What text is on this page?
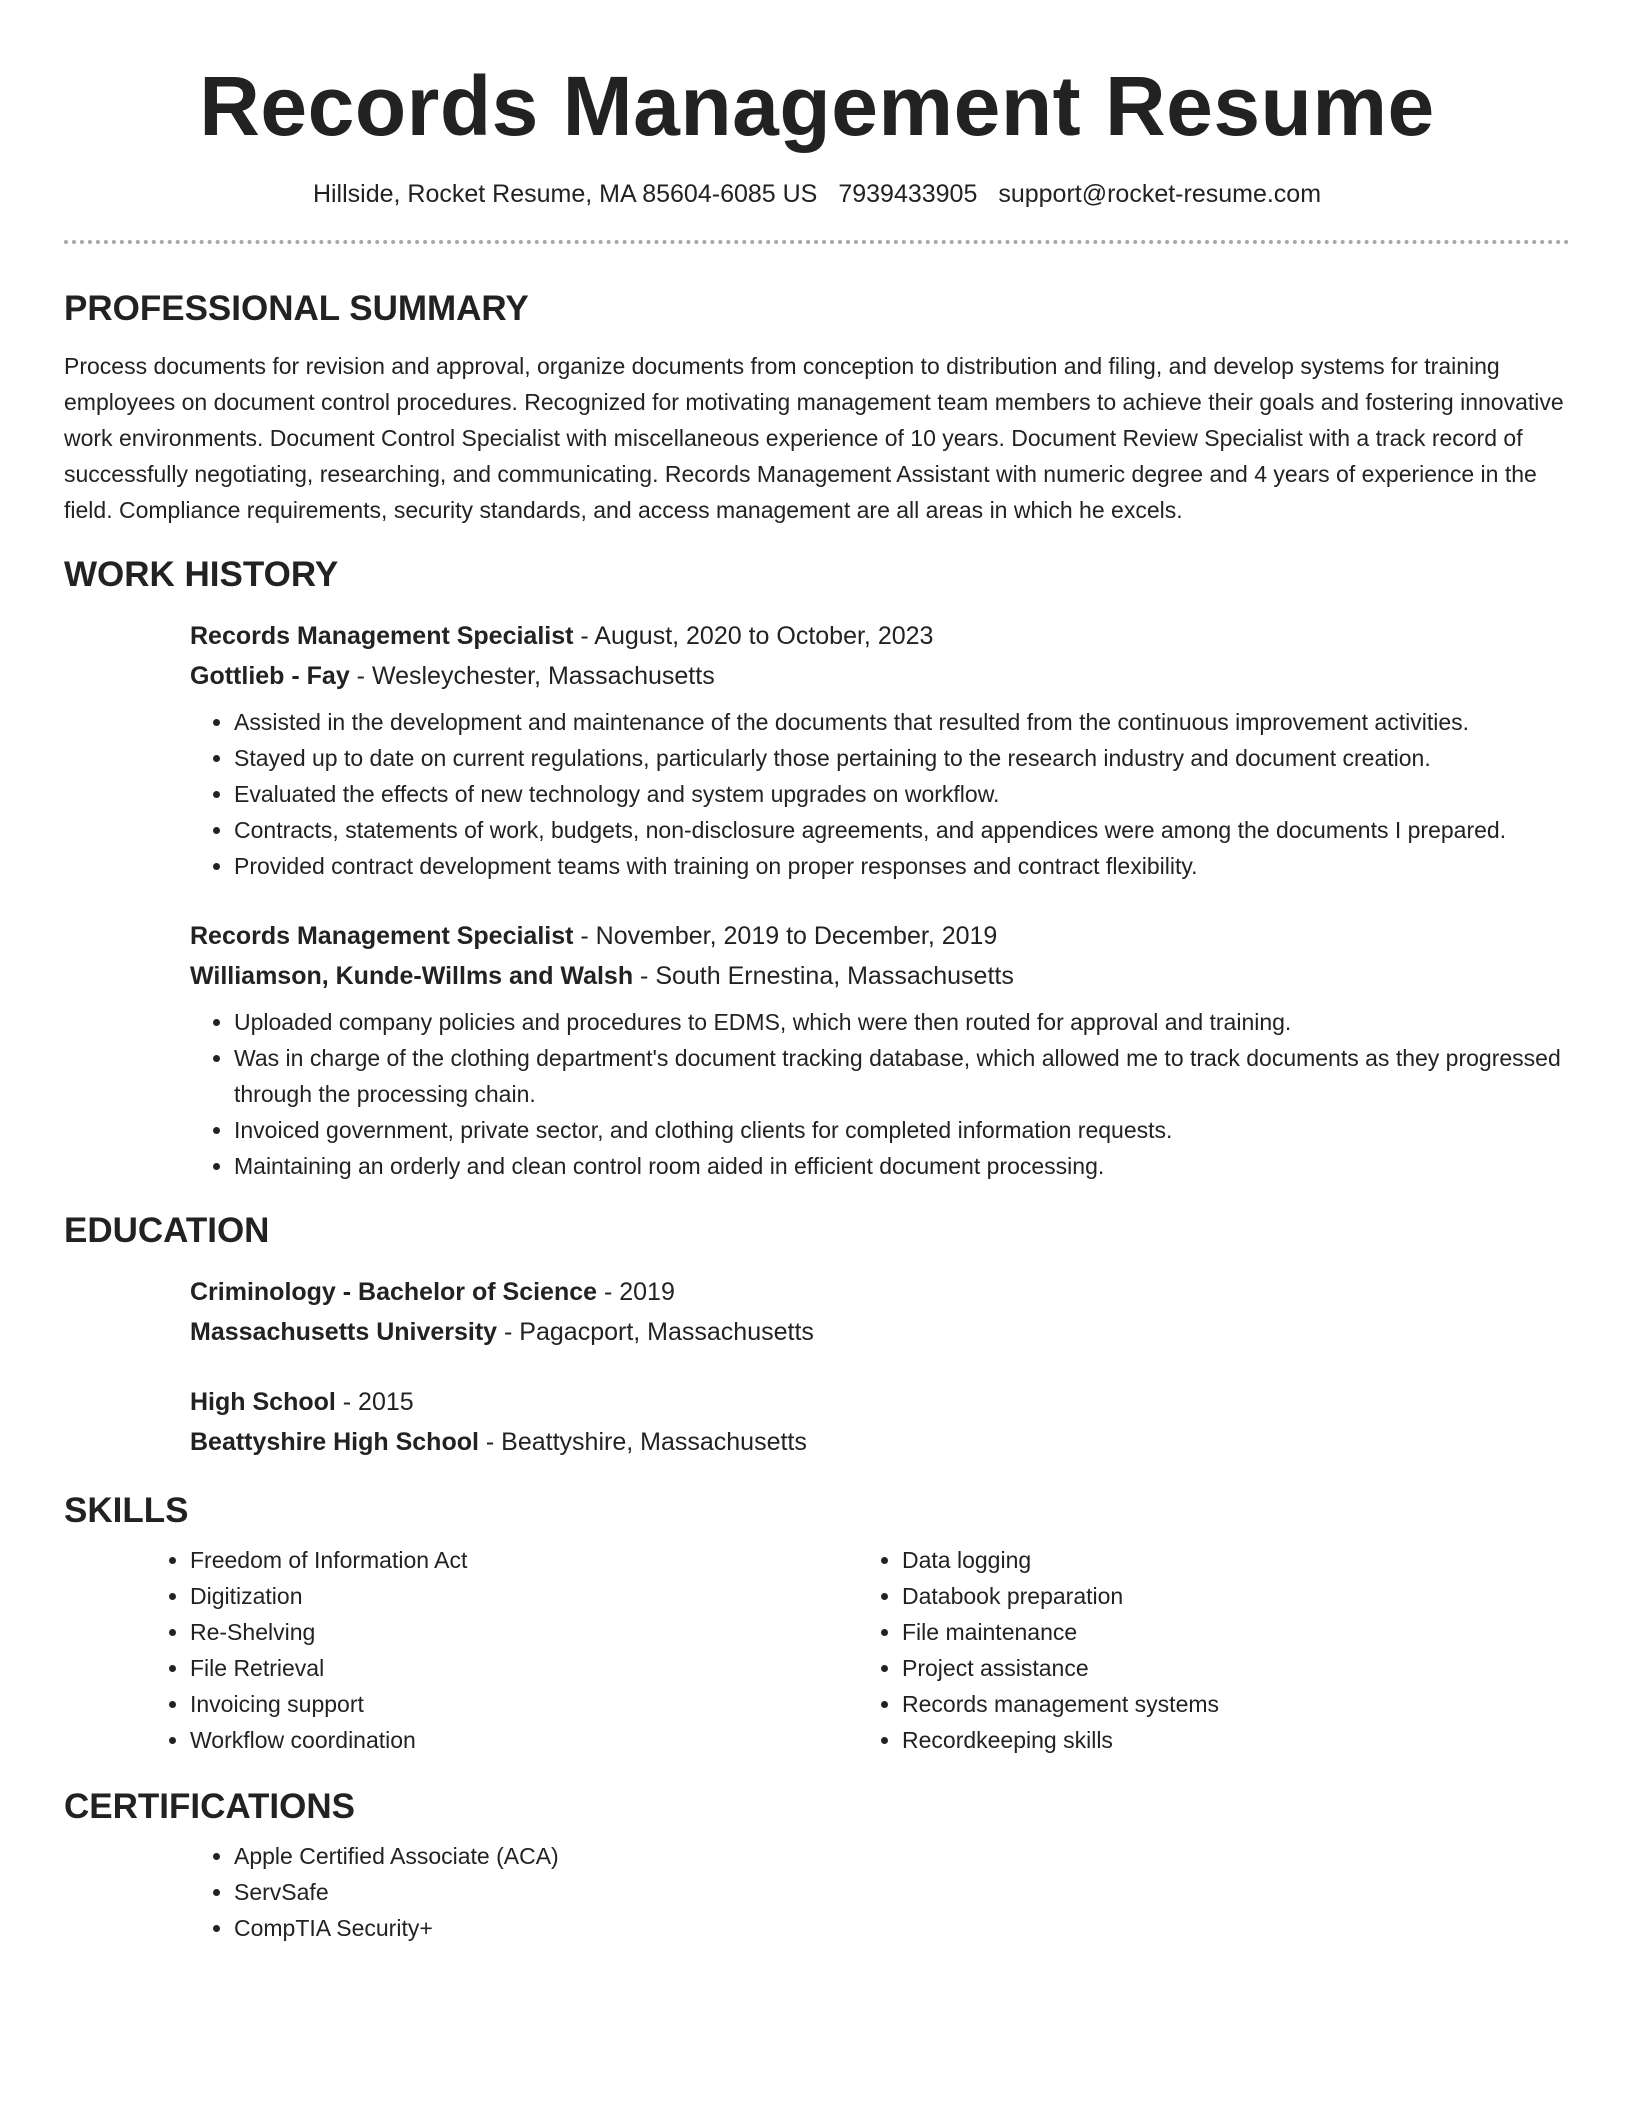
Records Management Resume
Hillside, Rocket Resume, MA 85604-6085 US 7939433905 support@rocket-resume.com
PROFESSIONAL SUMMARY

Process documents for revision and approval, organize documents from conception to distribution and filing, and develop systems for training employees on document control procedures. Recognized for motivating management team members to achieve their goals and fostering innovative work environments. Document Control Specialist with miscellaneous experience of 10 years. Document Review Specialist with a track record of successfully negotiating, researching, and communicating. Records Management Assistant with numeric degree and 4 years of experience in the field. Compliance requirements, security standards, and access management are all areas in which he excels.

WORK HISTORY
Records Management Specialist - August, 2020 to October, 2023
Gottlieb - Fay - Wesleychester, Massachusetts
• Assisted in the development and maintenance of the documents that resulted from the continuous improvement activities.
• Stayed up to date on current regulations, particularly those pertaining to the research industry and document creation.
• Evaluated the effects of new technology and system upgrades on workflow.
• Contracts, statements of work, budgets, non-disclosure agreements, and appendices were among the documents I prepared.
• Provided contract development teams with training on proper responses and contract flexibility.
Records Management Specialist - November, 2019 to December, 2019
Williamson, Kunde-Willms and Walsh - South Ernestina, Massachusetts
• Uploaded company policies and procedures to EDMS, which were then routed for approval and training.
• Was in charge of the clothing department's document tracking database, which allowed me to track documents as they progressed through the processing chain.
• Invoiced government, private sector, and clothing clients for completed information requests.
• Maintaining an orderly and clean control room aided in efficient document processing.
EDUCATION
Criminology - Bachelor of Science - 2019
Massachusetts University - Pagacport, Massachusetts
High School - 2015
Beattyshire High School - Beattyshire, Massachusetts
SKILLS
• Freedom of Information Act
• Digitization
• Re-Shelving
• File Retrieval
• Invoicing support
• Workflow coordination
• Data logging
• Databook preparation
• File maintenance
• Project assistance
• Records management systems
• Recordkeeping skills
CERTIFICATIONS
• Apple Certified Associate (ACA)
• ServSafe
• CompTIA Security+
